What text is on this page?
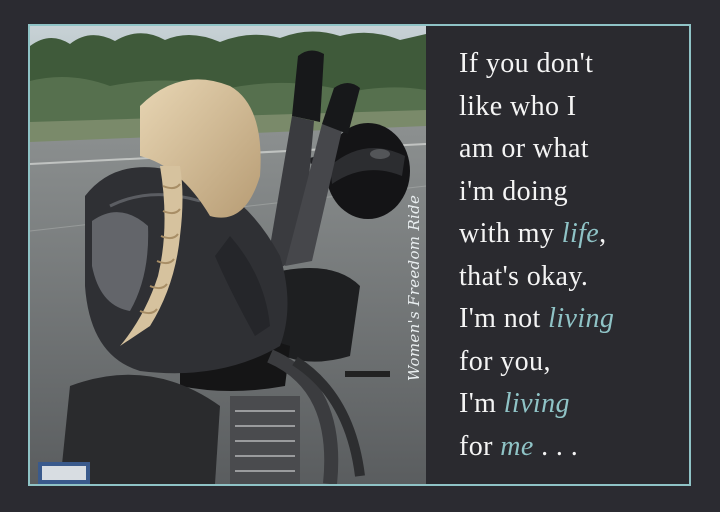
Women's Freedom Ride
If you don't
like who I
am or what
i'm doing
with my life,
that's okay.
I'm not living
for you,
I'm living
for me . . .
